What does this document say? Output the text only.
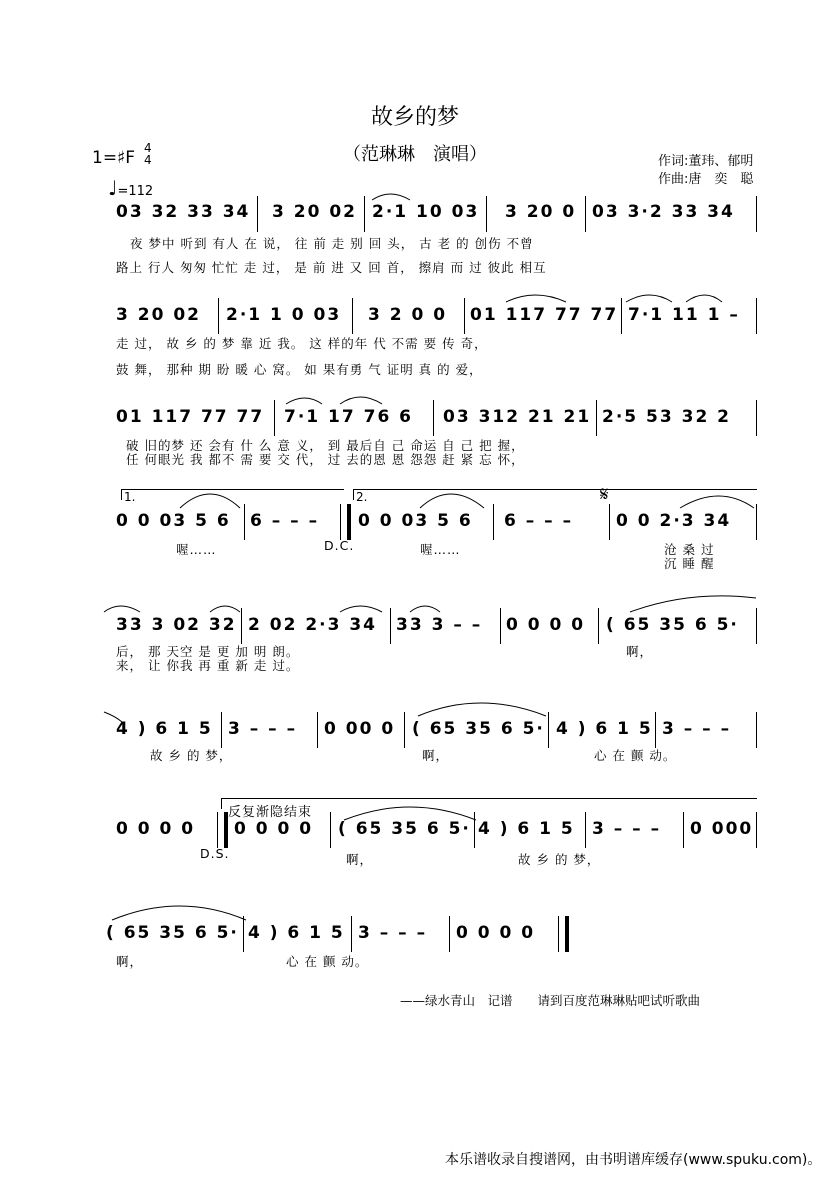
故乡的梦
（范琳琳　演唱）
1=♯F 4
4
♩=112
作词:董玮、郁明
作曲:唐　奕　聪
03 32 33 34 3 20 02 2·1 10 03 3 20 0 03 3·2 33 34
夜 梦中 听到 有人 在 说， 往 前 走 别 回 头， 古 老 的 创伤 不曾
路上 行人 匆匆 忙忙 走 过， 是 前 进 又 回 首， 擦肩 而 过 彼此 相互
3 20 02 2·1 1 0 03 3 2 0 0 01 117 77 77 7·1 11 1 –
走 过， 故 乡 的 梦 靠 近 我。 这 样的年 代 不需 要 传 奇，
鼓 舞， 那种 期 盼 暖 心 窝。 如 果有勇 气 证明 真 的 爱，
01 117 77 77 7·1 17 76 6 03 312 21 21 2·5 53 32 2
破 旧的梦 还 会有 什 么 意 义， 到 最后自 己 命运 自 己 把 握，
任 何眼光 我 都不 需 要 交 代， 过 去的恩 恩 怨怨 赶 紧 忘 怀，
1.	2.
0 0 03 5 6 6 – – – 0 0 03 5 6 6 – – –
𝄋
0 0 2·3 34
喔……	D.C.	喔……	沧 桑 过
沉 睡 醒
33 3 02 32 2 02 2·3 34 33 3 – – 0 0 0 0 ( 65 35 6 5·
后， 那 天空 是 更 加 明 朗。
来， 让 你我 再 重 新 走 过。
啊，
4 ) 6 1 5 3 – – – 0 00 0 ( 65 35 6 5· 4 ) 6 1 5 3 – – –
故 乡 的 梦，	啊，	心 在 颤 动。
反复渐隐结束
0 0 0 0 0 0 0 0 ( 65 35 6 5· 4 ) 6 1 5 3 – – – 0 000
D.S.	啊，	故 乡 的 梦，
( 65 35 6 5· 4 ) 6 1 5 3 – – – 0 0 0 0
啊，	心 在 颤 动。
——绿水青山　记谱　　请到百度范琳琳贴吧试听歌曲
本乐谱收录自搜谱网，由书明谱库缓存(www.spuku.com)。
